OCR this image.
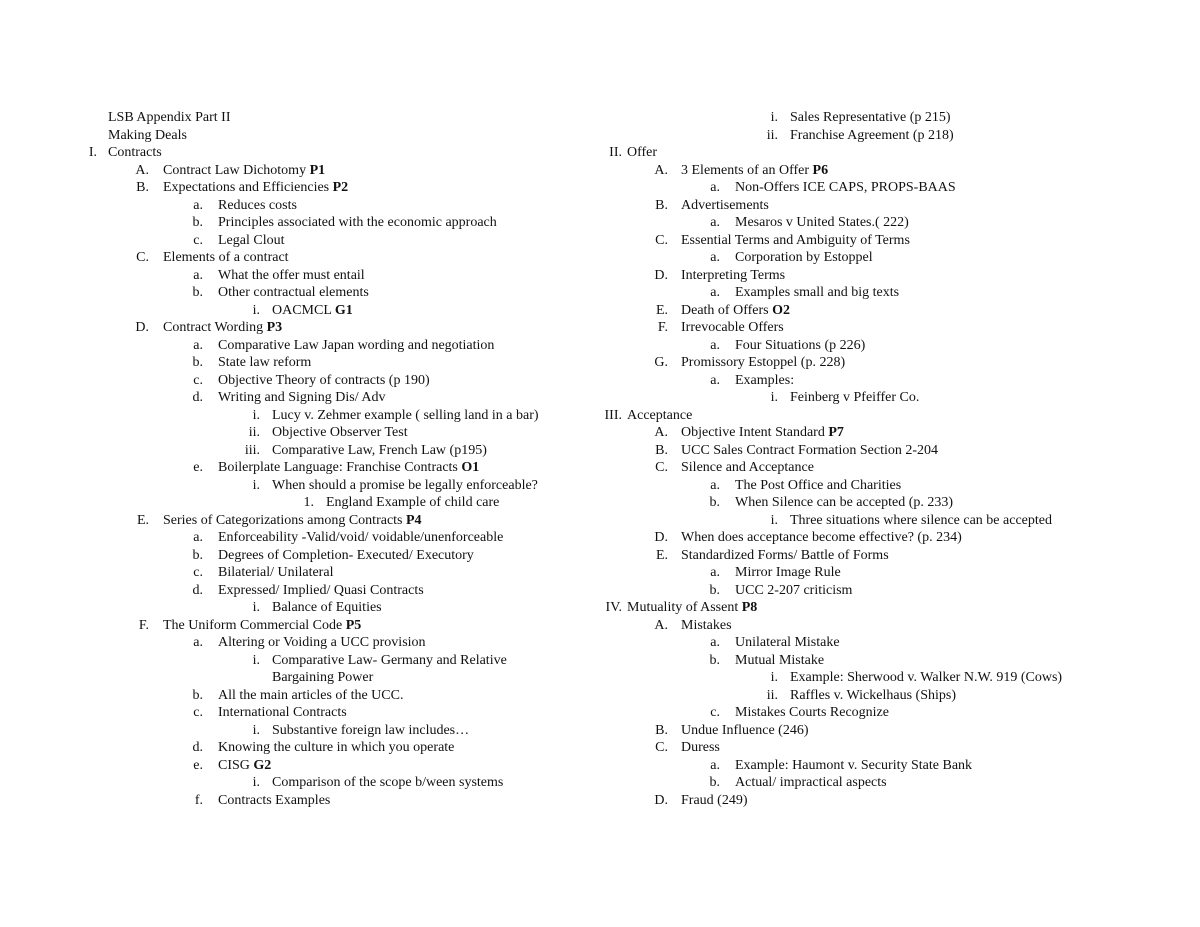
LSB Appendix Part II
Making Deals
I. Contracts
A. Contract Law Dichotomy P1
B. Expectations and Efficiencies P2
a. Reduces costs
b. Principles associated with the economic approach
c. Legal Clout
C. Elements of a contract
a. What the offer must entail
b. Other contractual elements
i. OACMCL G1
D. Contract Wording P3
a. Comparative Law Japan wording and negotiation
b. State law reform
c. Objective Theory of contracts (p 190)
d. Writing and Signing Dis/ Adv
i. Lucy v. Zehmer example ( selling land in a bar)
ii. Objective Observer Test
iii. Comparative Law, French Law (p195)
e. Boilerplate Language: Franchise Contracts O1
i. When should a promise be legally enforceable?
1. England Example of child care
E. Series of Categorizations among Contracts P4
a. Enforceability -Valid/void/ voidable/unenforceable
b. Degrees of Completion- Executed/ Executory
c. Bilaterial/ Unilateral
d. Expressed/ Implied/ Quasi Contracts
i. Balance of Equities
F. The Uniform Commercial Code P5
a. Altering or Voiding a UCC provision
i. Comparative Law- Germany and Relative
Bargaining Power
b. All the main articles of the UCC.
c. International Contracts
i. Substantive foreign law includes…
d. Knowing the culture in which you operate
e. CISG G2
i. Comparison of the scope b/ween systems
f. Contracts Examples
i. Sales Representative (p 215)
ii. Franchise Agreement (p 218)
II. Offer
A. 3 Elements of an Offer P6
a. Non-Offers ICE CAPS, PROPS-BAAS
B. Advertisements
a. Mesaros v United States.( 222)
C. Essential Terms and Ambiguity of Terms
a. Corporation by Estoppel
D. Interpreting Terms
a. Examples small and big texts
E. Death of Offers O2
F. Irrevocable Offers
a. Four Situations (p 226)
G. Promissory Estoppel (p. 228)
a. Examples:
i. Feinberg v Pfeiffer Co.
III. Acceptance
A. Objective Intent Standard P7
B. UCC Sales Contract Formation Section 2-204
C. Silence and Acceptance
a. The Post Office and Charities
b. When Silence can be accepted (p. 233)
i. Three situations where silence can be accepted
D. When does acceptance become effective? (p. 234)
E. Standardized Forms/ Battle of Forms
a. Mirror Image Rule
b. UCC 2-207 criticism
IV. Mutuality of Assent P8
A. Mistakes
a. Unilateral Mistake
b. Mutual Mistake
i. Example: Sherwood v. Walker N.W. 919 (Cows)
ii. Raffles v. Wickelhaus (Ships)
c. Mistakes Courts Recognize
B. Undue Influence (246)
C. Duress
a. Example: Haumont v. Security State Bank
b. Actual/ impractical aspects
D. Fraud (249)
